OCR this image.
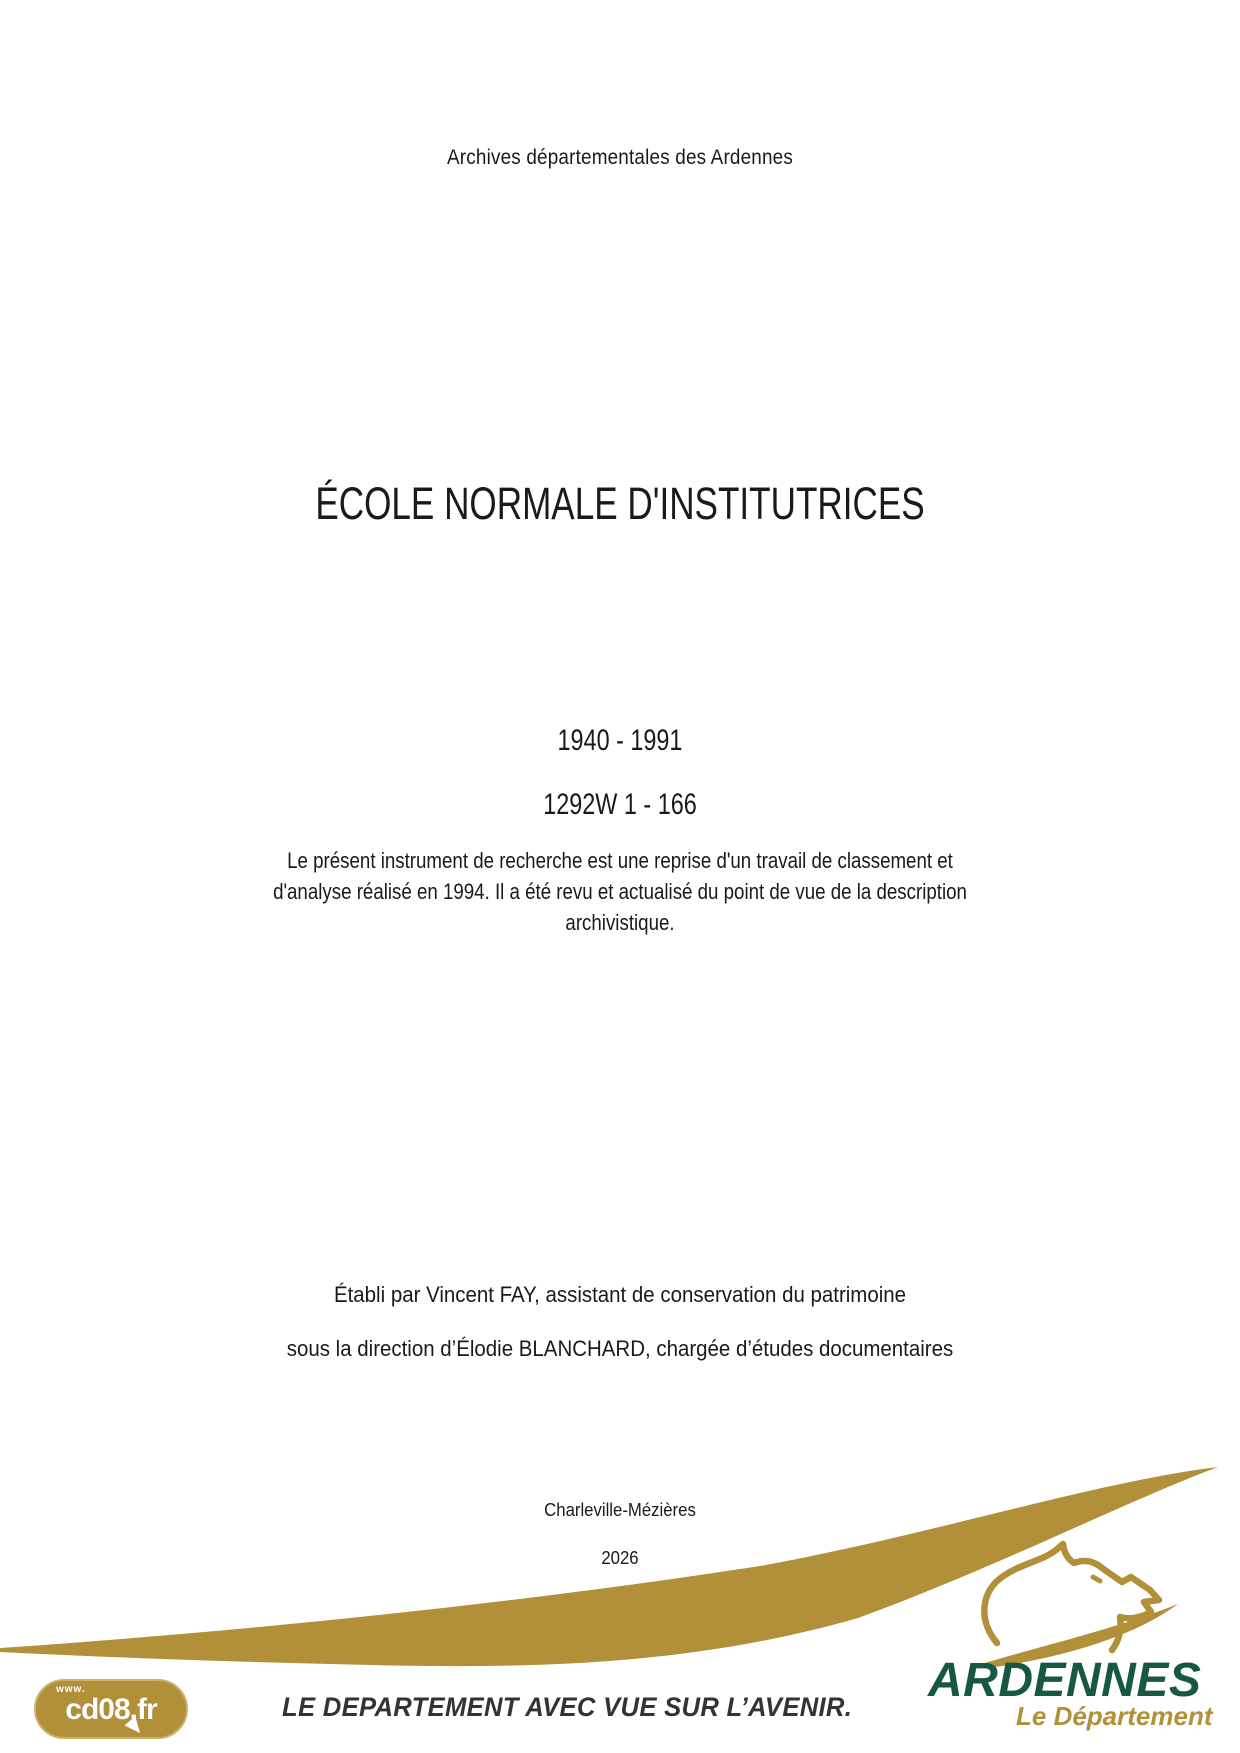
Archives départementales des Ardennes
ÉCOLE NORMALE D'INSTITUTRICES
1940 - 1991
1292W 1 - 166
Le présent instrument de recherche est une reprise d'un travail de classement et d'analyse réalisé en 1994. Il a été revu et actualisé du point de vue de la description archivistique.
Établi par Vincent FAY, assistant de conservation du patrimoine
sous la direction d’Élodie BLANCHARD, chargée d’études documentaires
Charleville-Mézières
2026
www.
cd08.fr	LE DEPARTEMENT AVEC VUE SUR L’AVENIR. ARDENNES
Le Département
